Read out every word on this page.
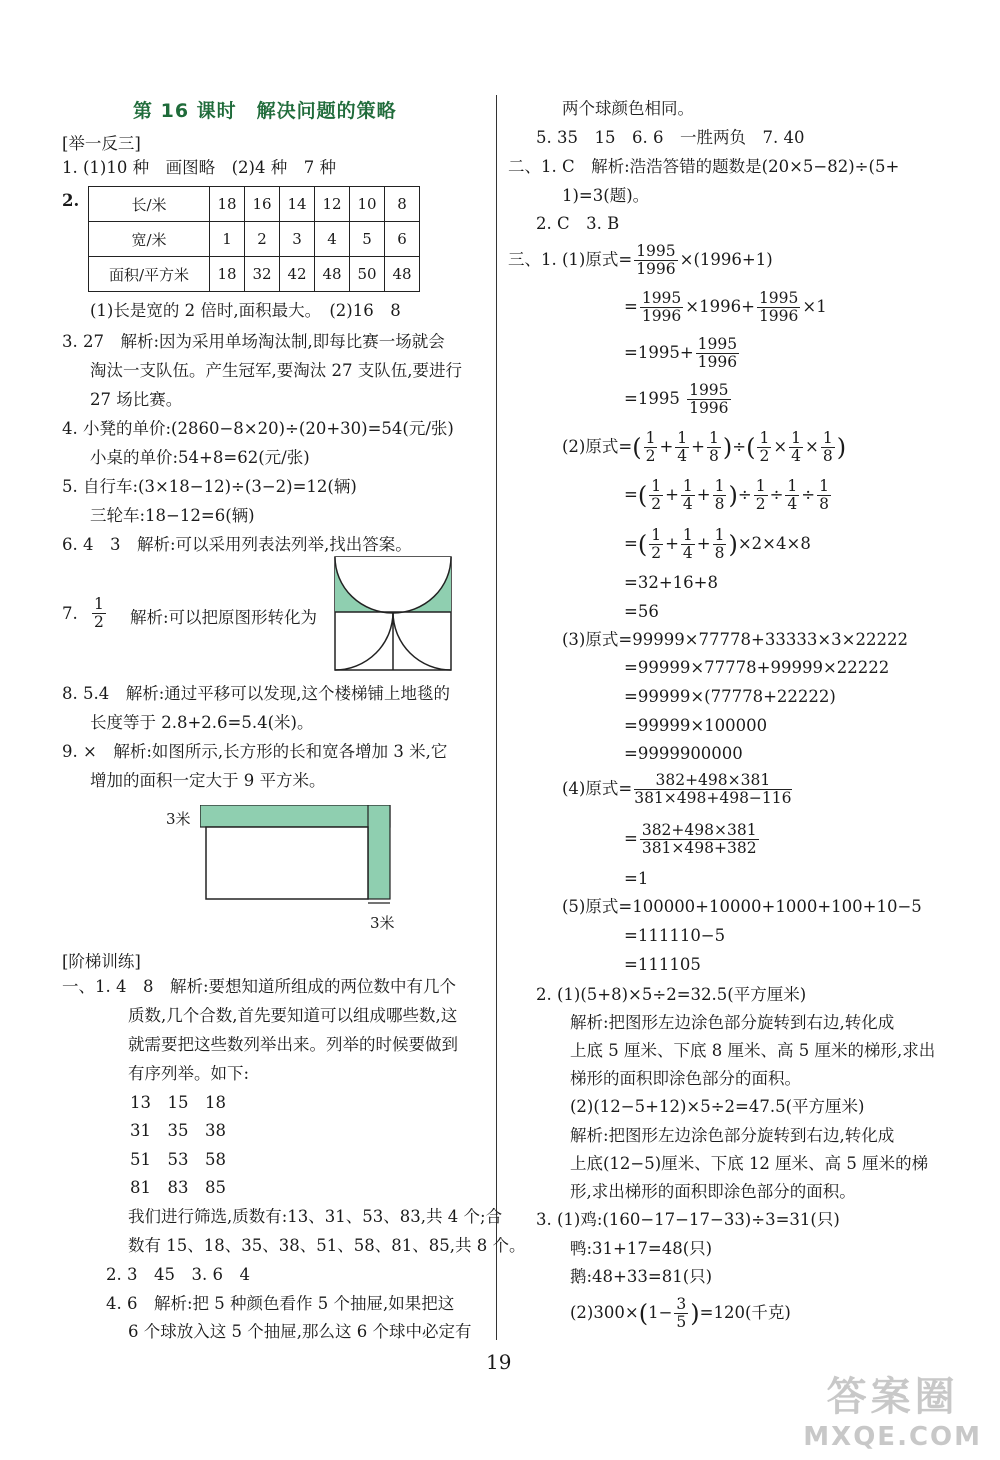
第 16 课时　解决问题的策略
[举一反三]
1. (1)10 种　画图略　(2)4 种　7 种
2.	长/米	18	16	14	12	10	8
宽/米	1	2	3	4	5	6
面积/平方米	18	32	42	48	50	48
(1)长是宽的 2 倍时,面积最大。　(2)16　8
3. 27　解析:因为采用单场淘汰制,即每比赛一场就会
淘汰一支队伍。产生冠军,要淘汰 27 支队伍,要进行
27 场比赛。
4. 小凳的单价:(2860−8×20)÷(20+30)=54(元/张)
小桌的单价:54+8=62(元/张)
5. 自行车:(3×18−12)÷(3−2)=12(辆)
三轮车:18−12=6(辆)
6. 4　3　解析:可以采用列表法列举,找出答案。
7. $\frac{1}{2}$ 解析:可以把原图形转化为
8. 5.4　解析:通过平移可以发现,这个楼梯铺上地毯的
长度等于 2.8+2.6=5.4(米)。
9. ×　解析:如图所示,长方形的长和宽各增加 3 米,它
增加的面积一定大于 9 平方米。
3米
3米
[阶梯训练]
一、1. 4　8　解析:要想知道所组成的两位数中有几个
质数,几个合数,首先要知道可以组成哪些数,这
就需要把这些数列举出来。列举的时候要做到
有序列举。如下:
13　 15　 18
31　 35　 38
51　 53　 58
81　 83　 85
我们进行筛选,质数有:13、31、53、83,共 4 个;合
数有 15、18、35、38、51、58、81、85,共 8 个。
2. 3　45　3. 6　4
4. 6　解析:把 5 种颜色看作 5 个抽屉,如果把这
6 个球放入这 5 个抽屉,那么这 6 个球中必定有
两个球颜色相同。
5. 35　15　6. 6　一胜两负　7. 40
二、1. C　解析:浩浩答错的题数是(20×5−82)÷(5+
1)=3(题)。
2. C　3. B
三、1. (1)原式= $\frac{1995}{1996} \times(1996+1)$
= $\frac{1995}{1996} \times 1996+ \frac{1995}{1996} \times 1$
$=1995+ \frac{1995}{1996}$
$=1995 \frac{1995}{1996}$
(2)原式=( $\frac{1}{2} + \frac{1}{4} + \frac{1}{8}$ )÷( $\frac{1}{2} \times \frac{1}{4} \times \frac{1}{8}$ )
=( $\frac{1}{2} + \frac{1}{4} + \frac{1}{8}$ )÷ $\frac{1}{2} \div \frac{1}{4} \div \frac{1}{8}$
=( $\frac{1}{2} + \frac{1}{4} + \frac{1}{8} )\times 2\times 4\times 8$
=32+16+8
=56
(3)原式=99999×77778+33333×3×22222
=99999×77778+99999×22222
=99999×(77778+22222)
=99999×100000
=9999900000
(4)原式= $\frac{382+498\times 381}{381\times 498+498-116}$
= $\frac{382+498\times 381}{381\times 498+382}$
=1
(5)原式=100000+10000+1000+100+10−5
=111110−5
=111105
2. (1)(5+8)×5÷2=32.5(平方厘米)
解析:把图形左边涂色部分旋转到右边,转化成
上底 5 厘米、下底 8 厘米、高 5 厘米的梯形,求出
梯形的面积即涂色部分的面积。
(2)(12−5+12)×5÷2=47.5(平方厘米)
解析:把图形左边涂色部分旋转到右边,转化成
上底(12−5)厘米、下底 12 厘米、高 5 厘米的梯
形,求出梯形的面积即涂色部分的面积。
3. (1)鸡:(160−17−17−33)÷3=31(只)
鸭:31+17=48(只)
鹅:48+33=81(只)
$(2)300\times(1- \frac{3}{5} )=120$(千克)
19
答案圈
MXQE.COM
